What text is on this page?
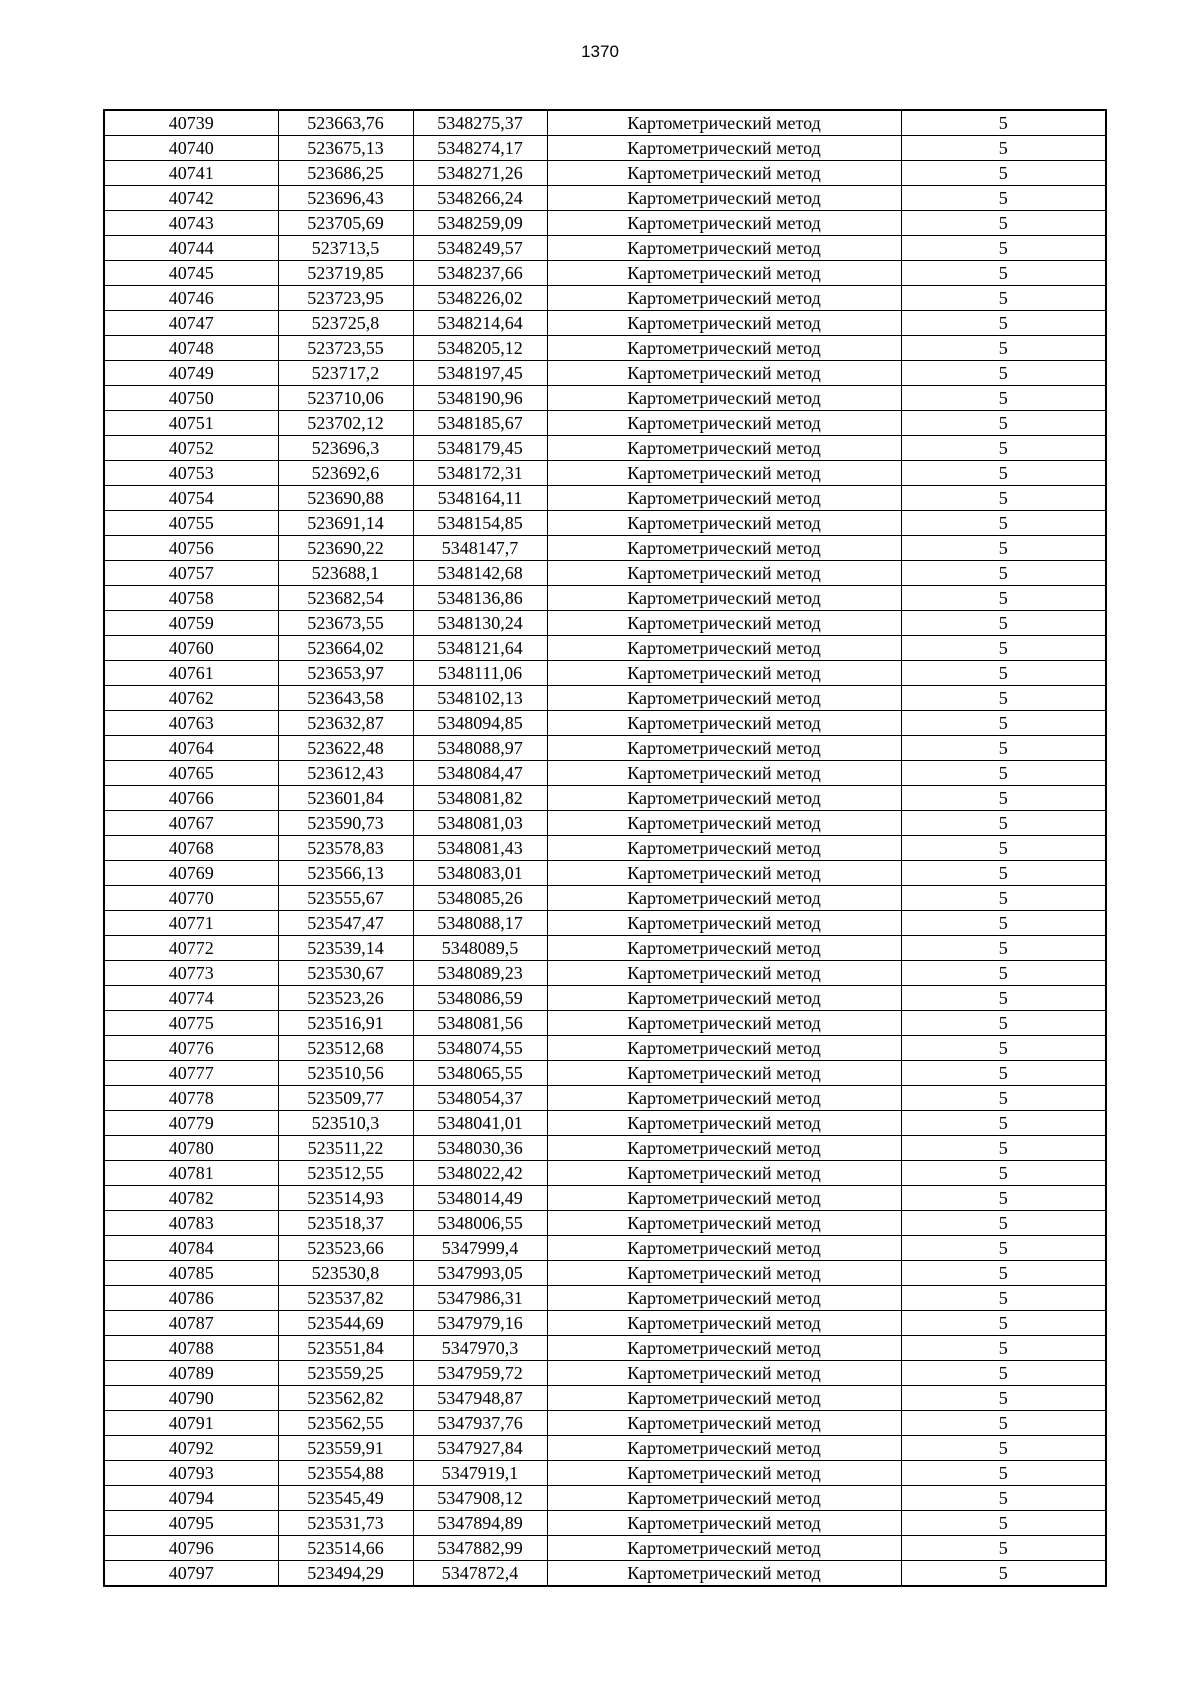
1370
40739	523663,76	5348275,37	Картометрический метод	5
40740	523675,13	5348274,17	Картометрический метод	5
40741	523686,25	5348271,26	Картометрический метод	5
40742	523696,43	5348266,24	Картометрический метод	5
40743	523705,69	5348259,09	Картометрический метод	5
40744	523713,5	5348249,57	Картометрический метод	5
40745	523719,85	5348237,66	Картометрический метод	5
40746	523723,95	5348226,02	Картометрический метод	5
40747	523725,8	5348214,64	Картометрический метод	5
40748	523723,55	5348205,12	Картометрический метод	5
40749	523717,2	5348197,45	Картометрический метод	5
40750	523710,06	5348190,96	Картометрический метод	5
40751	523702,12	5348185,67	Картометрический метод	5
40752	523696,3	5348179,45	Картометрический метод	5
40753	523692,6	5348172,31	Картометрический метод	5
40754	523690,88	5348164,11	Картометрический метод	5
40755	523691,14	5348154,85	Картометрический метод	5
40756	523690,22	5348147,7	Картометрический метод	5
40757	523688,1	5348142,68	Картометрический метод	5
40758	523682,54	5348136,86	Картометрический метод	5
40759	523673,55	5348130,24	Картометрический метод	5
40760	523664,02	5348121,64	Картометрический метод	5
40761	523653,97	5348111,06	Картометрический метод	5
40762	523643,58	5348102,13	Картометрический метод	5
40763	523632,87	5348094,85	Картометрический метод	5
40764	523622,48	5348088,97	Картометрический метод	5
40765	523612,43	5348084,47	Картометрический метод	5
40766	523601,84	5348081,82	Картометрический метод	5
40767	523590,73	5348081,03	Картометрический метод	5
40768	523578,83	5348081,43	Картометрический метод	5
40769	523566,13	5348083,01	Картометрический метод	5
40770	523555,67	5348085,26	Картометрический метод	5
40771	523547,47	5348088,17	Картометрический метод	5
40772	523539,14	5348089,5	Картометрический метод	5
40773	523530,67	5348089,23	Картометрический метод	5
40774	523523,26	5348086,59	Картометрический метод	5
40775	523516,91	5348081,56	Картометрический метод	5
40776	523512,68	5348074,55	Картометрический метод	5
40777	523510,56	5348065,55	Картометрический метод	5
40778	523509,77	5348054,37	Картометрический метод	5
40779	523510,3	5348041,01	Картометрический метод	5
40780	523511,22	5348030,36	Картометрический метод	5
40781	523512,55	5348022,42	Картометрический метод	5
40782	523514,93	5348014,49	Картометрический метод	5
40783	523518,37	5348006,55	Картометрический метод	5
40784	523523,66	5347999,4	Картометрический метод	5
40785	523530,8	5347993,05	Картометрический метод	5
40786	523537,82	5347986,31	Картометрический метод	5
40787	523544,69	5347979,16	Картометрический метод	5
40788	523551,84	5347970,3	Картометрический метод	5
40789	523559,25	5347959,72	Картометрический метод	5
40790	523562,82	5347948,87	Картометрический метод	5
40791	523562,55	5347937,76	Картометрический метод	5
40792	523559,91	5347927,84	Картометрический метод	5
40793	523554,88	5347919,1	Картометрический метод	5
40794	523545,49	5347908,12	Картометрический метод	5
40795	523531,73	5347894,89	Картометрический метод	5
40796	523514,66	5347882,99	Картометрический метод	5
40797	523494,29	5347872,4	Картометрический метод	5
